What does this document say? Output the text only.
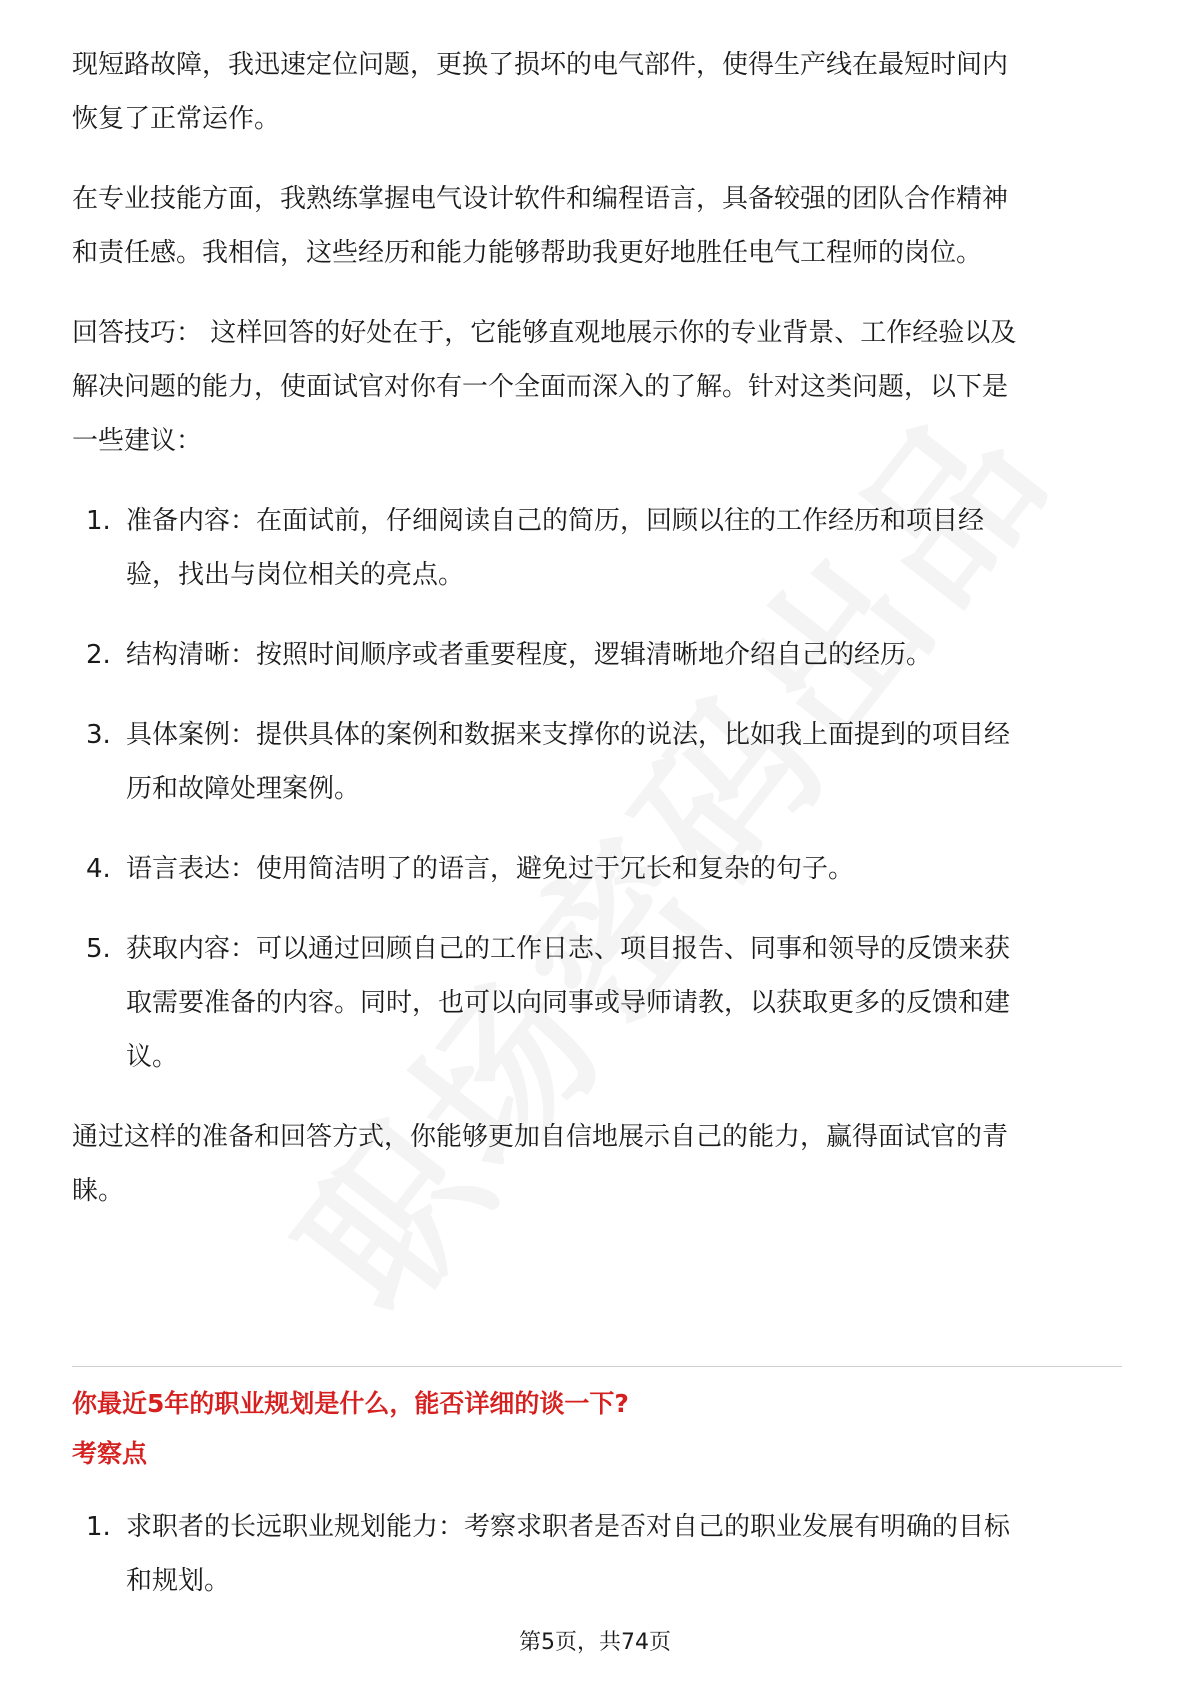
现短路故障，我迅速定位问题，更换了损坏的电气部件，使得生产线在最短时间内
恢复了正常运作。
在专业技能方面，我熟练掌握电气设计软件和编程语言，具备较强的团队合作精神
和责任感。我相信，这些经历和能力能够帮助我更好地胜任电气工程师的岗位。
回答技巧： 这样回答的好处在于，它能够直观地展示你的专业背景、工作经验以及
解决问题的能力，使面试官对你有一个全面而深入的了解。针对这类问题，以下是
一些建议：
1. 准备内容：在面试前，仔细阅读自己的简历，回顾以往的工作经历和项目经
验，找出与岗位相关的亮点。
2. 结构清晰：按照时间顺序或者重要程度，逻辑清晰地介绍自己的经历。
3. 具体案例：提供具体的案例和数据来支撑你的说法，比如我上面提到的项目经
历和故障处理案例。
4. 语言表达：使用简洁明了的语言，避免过于冗长和复杂的句子。
5. 获取内容：可以通过回顾自己的工作日志、项目报告、同事和领导的反馈来获
取需要准备的内容。同时，也可以向同事或导师请教，以获取更多的反馈和建
议。
通过这样的准备和回答方式，你能够更加自信地展示自己的能力，赢得面试官的青
睐。
你最近5年的职业规划是什么，能否详细的谈一下?
考察点
1. 求职者的长远职业规划能力：考察求职者是否对自己的职业发展有明确的目标
和规划。
第5页，共74页
